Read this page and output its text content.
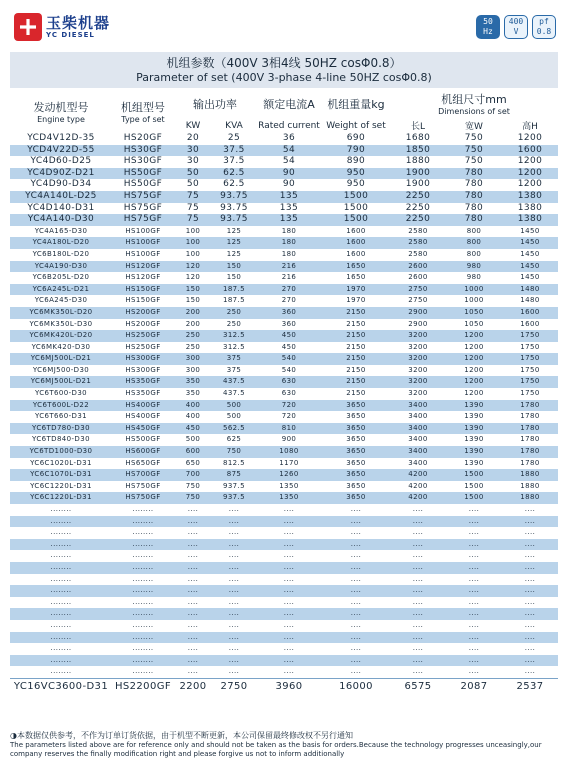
玉柴机器
YC DIESEL
50
Hz
400
V
pf
0.8
机组参数（400V 3相4线 50HZ cosΦ0.8）
Parameter of set (400V 3-phase 4-line 50HZ cosΦ0.8)
发动机型号
Engine type	机组型号
Type of set	输出功率		额定电流A	机组重量kg	机组尺寸mm
Dimensions of set		

		KW	KVA	Rated current	Weight of set	长L	宽W	高H
YCD4V12D-35	HS20GF	20	25	36	690	1680	750	1200
YCD4V22D-55	HS30GF	30	37.5	54	790	1850	750	1600
YC4D60-D25	HS30GF	30	37.5	54	890	1880	750	1200
YC4D90Z-D21	HS50GF	50	62.5	90	950	1900	780	1200
YC4D90-D34	HS50GF	50	62.5	90	950	1900	780	1200
YC4A140L-D25	HS75GF	75	93.75	135	1500	2250	780	1380
YC4D140-D31	HS75GF	75	93.75	135	1500	2250	780	1380
YC4A140-D30	HS75GF	75	93.75	135	1500	2250	780	1380
YC4A165-D30	HS100GF	100	125	180	1600	2580	800	1450
YC4A180L-D20	HS100GF	100	125	180	1600	2580	800	1450
YC6B180L-D20	HS100GF	100	125	180	1600	2580	800	1450
YC4A190-D30	HS120GF	120	150	216	1650	2600	980	1450
YC6B205L-D20	HS120GF	120	150	216	1650	2600	980	1450
YC6A245L-D21	HS150GF	150	187.5	270	1970	2750	1000	1480
YC6A245-D30	HS150GF	150	187.5	270	1970	2750	1000	1480
YC6MK350L-D20	HS200GF	200	250	360	2150	2900	1050	1600
YC6MK350L-D30	HS200GF	200	250	360	2150	2900	1050	1600
YC6MK420L-D20	HS250GF	250	312.5	450	2150	3200	1200	1750
YC6MK420-D30	HS250GF	250	312.5	450	2150	3200	1200	1750
YC6MJ500L-D21	HS300GF	300	375	540	2150	3200	1200	1750
YC6MJ500-D30	HS300GF	300	375	540	2150	3200	1200	1750
YC6MJ500L-D21	HS350GF	350	437.5	630	2150	3200	1200	1750
YC6T600-D30	HS350GF	350	437.5	630	2150	3200	1200	1750
YC6T600L-D22	HS400GF	400	500	720	3650	3400	1390	1780
YC6T660-D31	HS400GF	400	500	720	3650	3400	1390	1780
YC6TD780-D30	HS450GF	450	562.5	810	3650	3400	1390	1780
YC6TD840-D30	HS500GF	500	625	900	3650	3400	1390	1780
YC6TD1000-D30	HS600GF	600	750	1080	3650	3400	1390	1780
YC6C1020L-D31	HS650GF	650	812.5	1170	3650	3400	1390	1780
YC6C1070L-D31	HS700GF	700	875	1260	3650	4200	1500	1880
YC6C1220L-D31	HS750GF	750	937.5	1350	3650	4200	1500	1880
YC6C1220L-D31	HS750GF	750	937.5	1350	3650	4200	1500	1880
........	........	....	....	....	....	....	....	....
........	........	....	....	....	....	....	....	....
........	........	....	....	....	....	....	....	....
........	........	....	....	....	....	....	....	....
........	........	....	....	....	....	....	....	....
........	........	....	....	....	....	....	....	....
........	........	....	....	....	....	....	....	....
........	........	....	....	....	....	....	....	....
........	........	....	....	....	....	....	....	....
........	........	....	....	....	....	....	....	....
........	........	....	....	....	....	....	....	....
........	........	....	....	....	....	....	....	....
........	........	....	....	....	....	....	....	....
........	........	....	....	....	....	....	....	....
........	........	....	....	....	....	....	....	....
YC16VC3600-D31	HS2200GF	2200	2750	3960	16000	6575	2087	2537
◑本数据仅供参考，不作为订单订货依据，由于机型不断更新，本公司保留最终修改权不另行通知
The parameters listed above are for reference only and should not be taken as the basis for orders.Because the technology progresses unceasingly,our company reserves the finally modification right and please forgive us not to inform additionally
